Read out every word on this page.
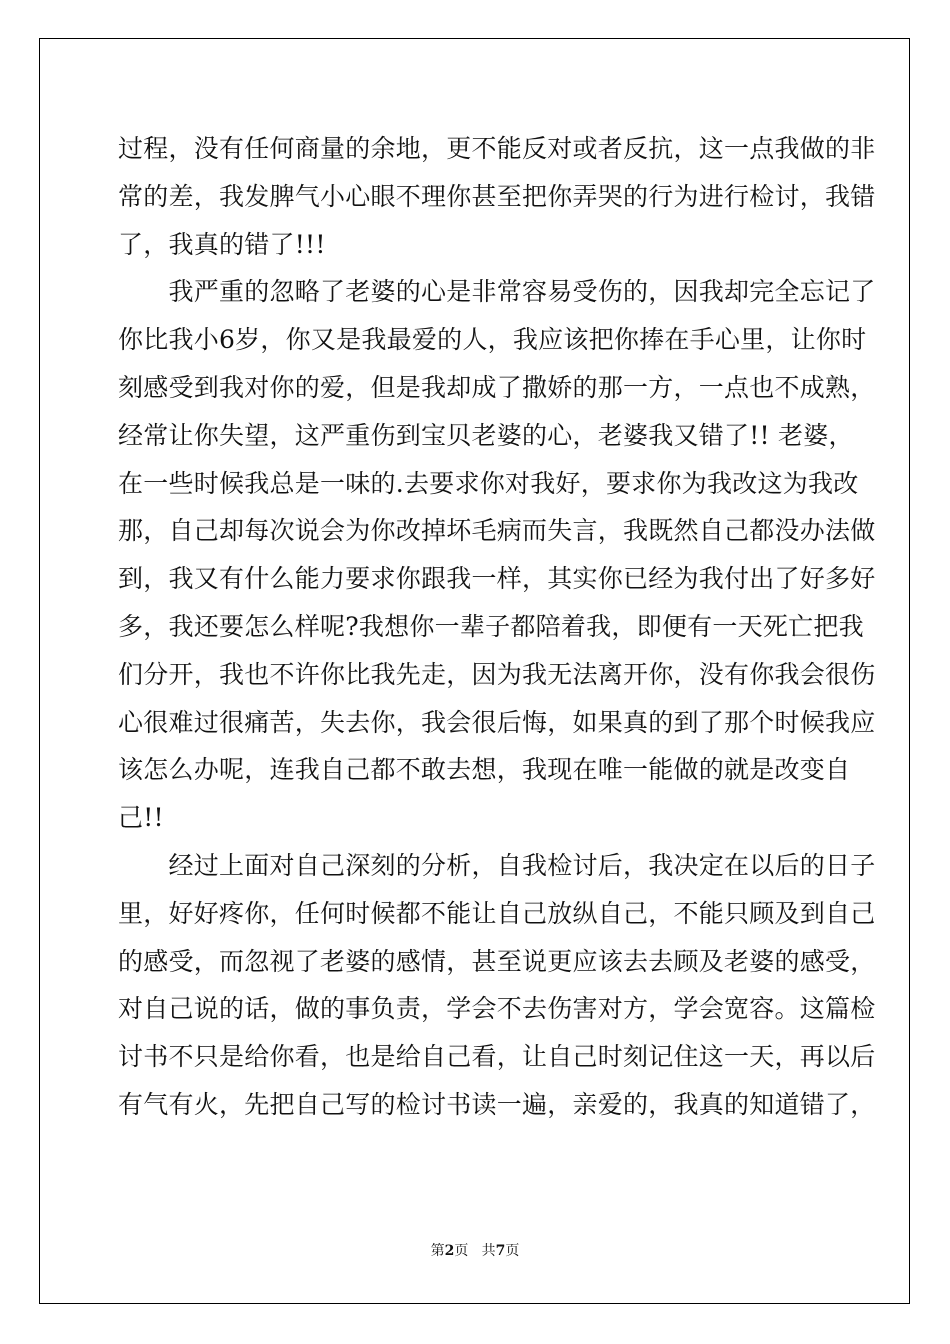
过程，没有任何商量的余地，更不能反对或者反抗，这一点我做的非
常的差，我发脾气小心眼不理你甚至把你弄哭的行为进行检讨，我错
了，我真的错了!!!
　　我严重的忽略了老婆的心是非常容易受伤的，因我却完全忘记了
你比我小6岁，你又是我最爱的人，我应该把你捧在手心里，让你时
刻感受到我对你的爱，但是我却成了撒娇的那一方，一点也不成熟，
经常让你失望，这严重伤到宝贝老婆的心，老婆我又错了!! 老婆，
在一些时候我总是一味的.去要求你对我好，要求你为我改这为我改
那，自己却每次说会为你改掉坏毛病而失言，我既然自己都没办法做
到，我又有什么能力要求你跟我一样，其实你已经为我付出了好多好
多，我还要怎么样呢?我想你一辈子都陪着我，即便有一天死亡把我
们分开，我也不许你比我先走，因为我无法离开你，没有你我会很伤
心很难过很痛苦，失去你，我会很后悔，如果真的到了那个时候我应
该怎么办呢，连我自己都不敢去想，我现在唯一能做的就是改变自
己!!
　　经过上面对自己深刻的分析，自我检讨后，我决定在以后的日子
里，好好疼你，任何时候都不能让自己放纵自己，不能只顾及到自己
的感受，而忽视了老婆的感情，甚至说更应该去去顾及老婆的感受，
对自己说的话，做的事负责，学会不去伤害对方，学会宽容。这篇检
讨书不只是给你看，也是给自己看，让自己时刻记住这一天，再以后
有气有火，先把自己写的检讨书读一遍，亲爱的，我真的知道错了，
第2页 共7页
